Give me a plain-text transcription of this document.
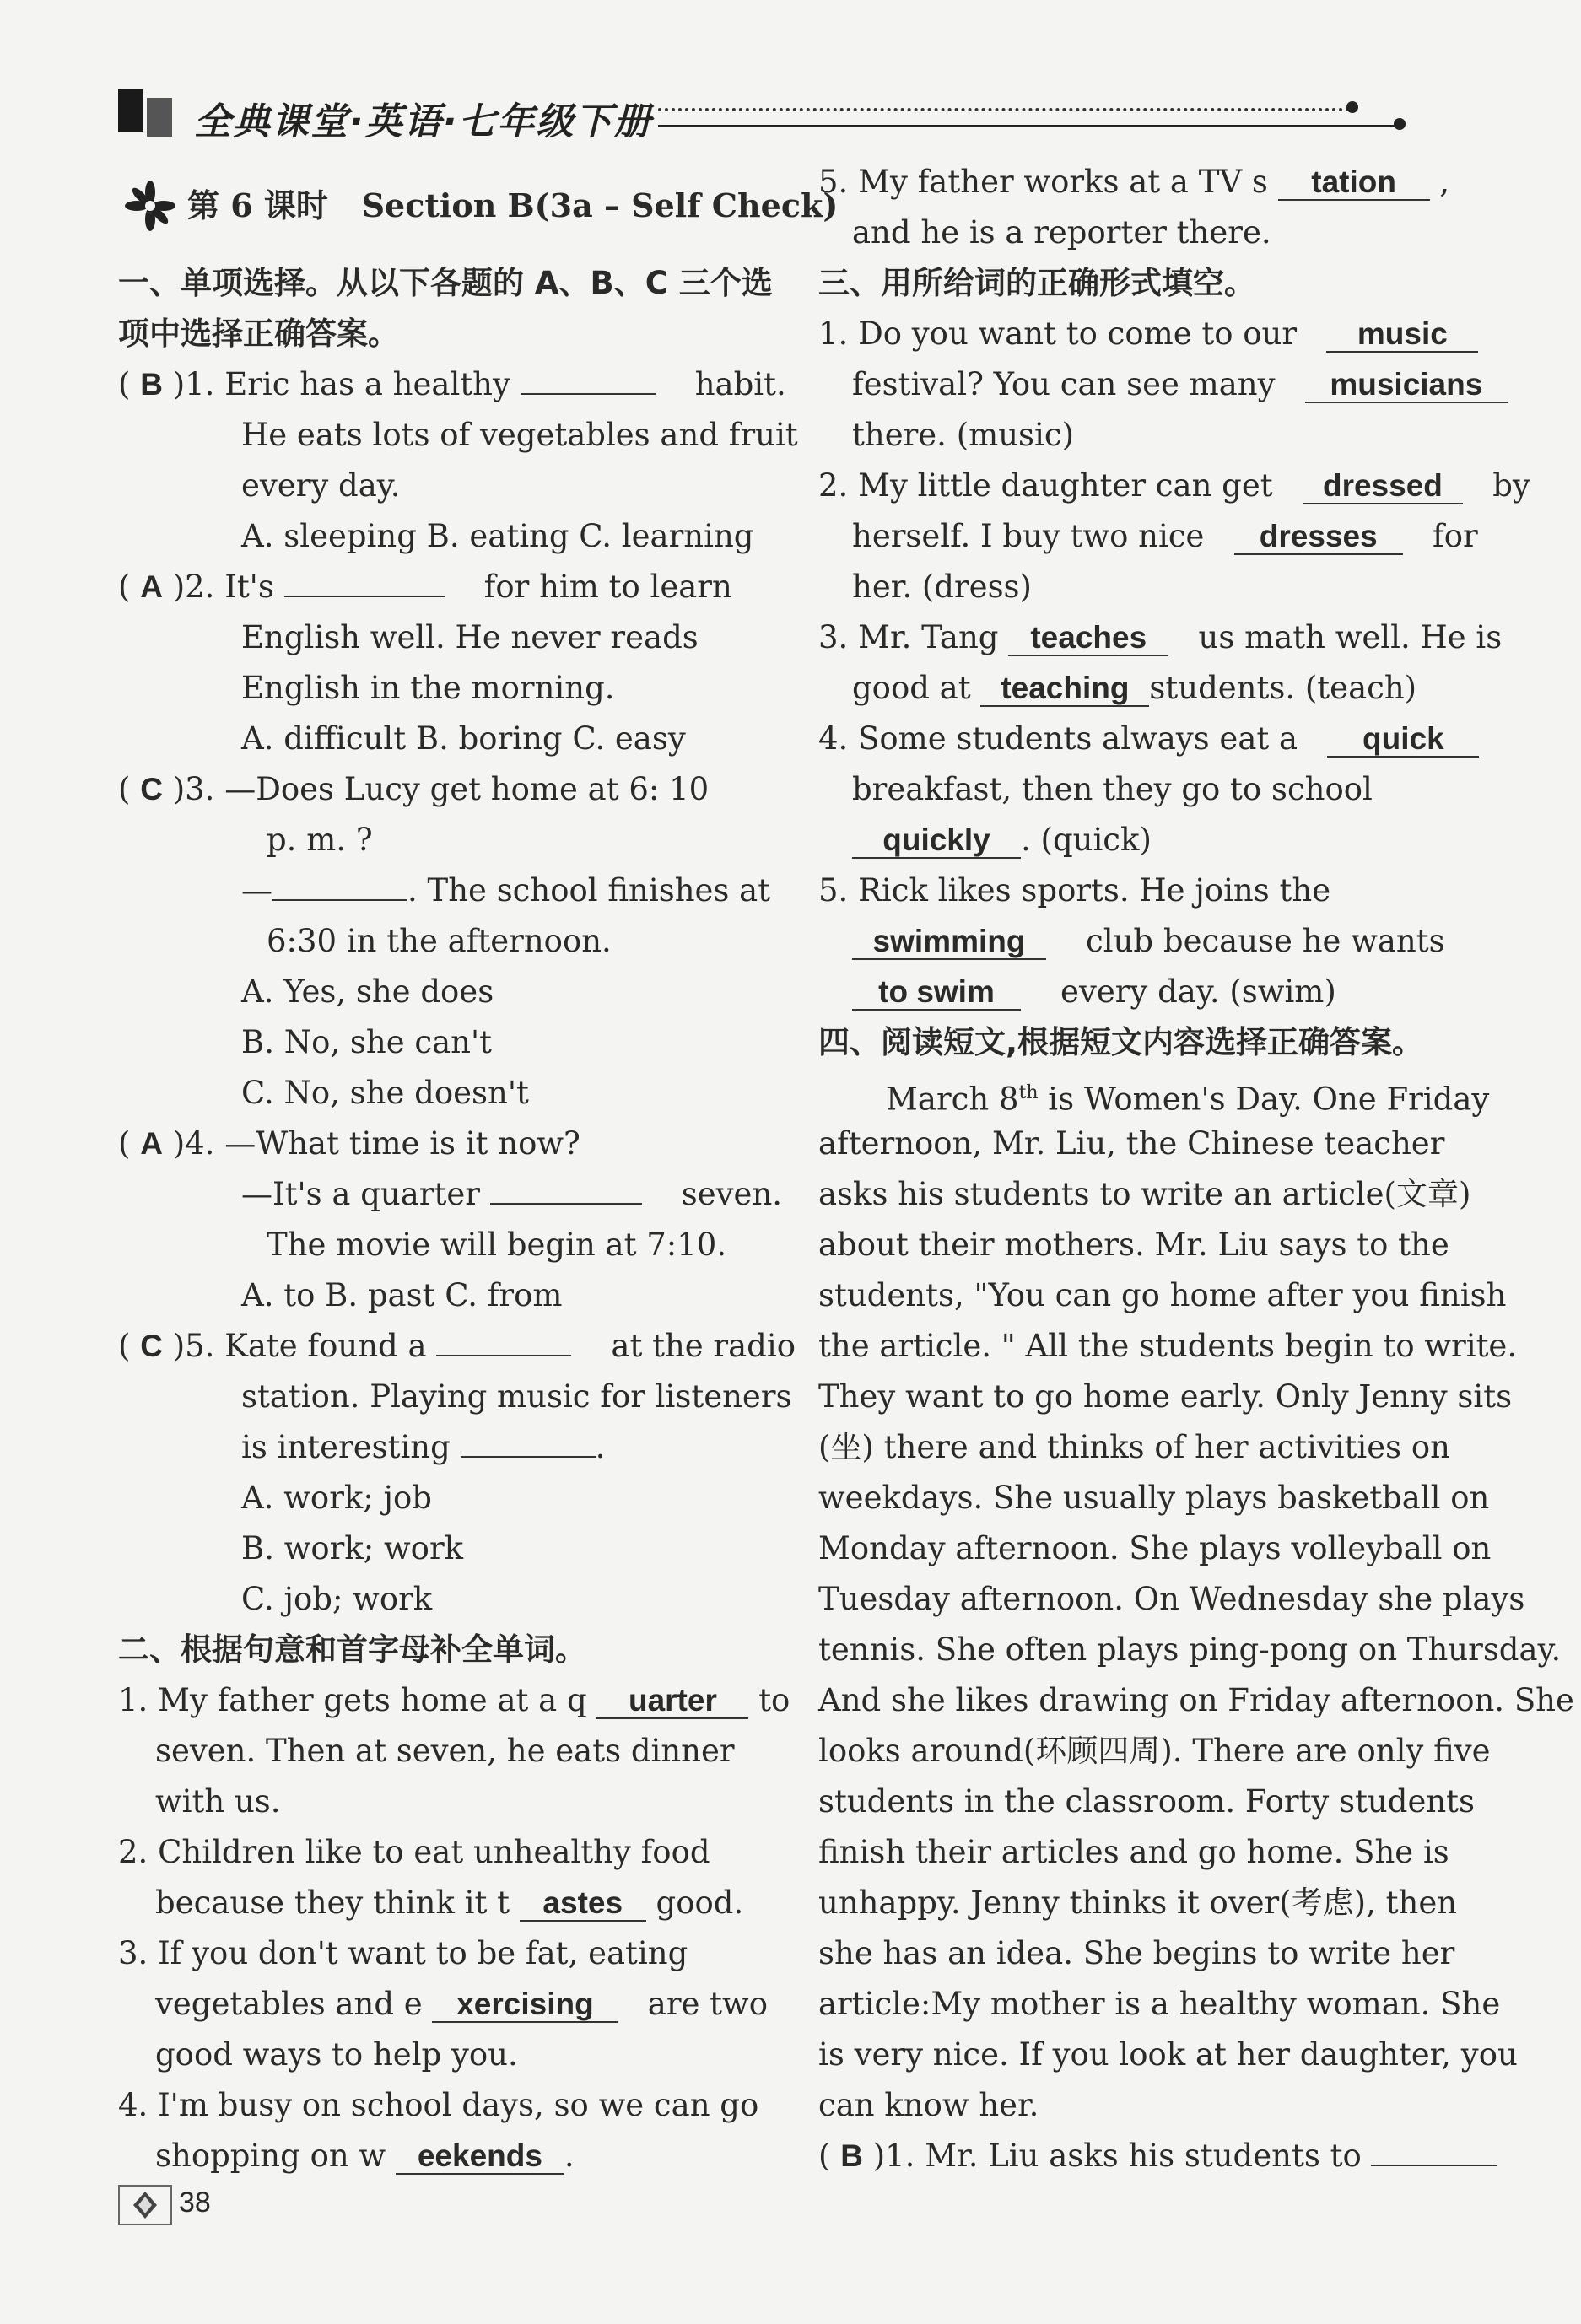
全典课堂·英语·七年级下册
第 6 课时 Section B(3a – Self Check)
一、单项选择。从以下各题的 A、B、C 三个选
项中选择正确答案。
( B )1. Eric has a healthy	habit.
He eats lots of vegetables and fruit
every day.
A. sleeping B. eating C. learning
( A )2. It's	for him to learn
English well. He never reads
English in the morning.
A. difficult B. boring C. easy
( C )3. —Does Lucy get home at 6: 10
p. m. ?
—	. The school finishes at
6:30 in the afternoon.
A. Yes, she does
B. No, she can't
C. No, she doesn't
( A )4. —What time is it now?
—It's a quarter	seven.
The movie will begin at 7:10.
A. to B. past C. from
( C )5. Kate found a	at the radio
station. Playing music for listeners
is interesting	.
A. work; job
B. work; work
C. job; work
二、根据句意和首字母补全单词。
1. My father gets home at a q uarter to
seven. Then at seven, he eats dinner
with us.
2. Children like to eat unhealthy food
because they think it t astes good.
3. If you don't want to be fat, eating
vegetables and e xercising are two
good ways to help you.
4. I'm busy on school days, so we can go
shopping on w eekends .
5. My father works at a TV s tation ,
and he is a reporter there.
三、用所给词的正确形式填空。
1. Do you want to come to our music
festival? You can see many musicians
there. (music)
2. My little daughter can get dressed by
herself. I buy two nice dresses for
her. (dress)
3. Mr. Tang teaches us math well. He is
good at teaching students. (teach)
4. Some students always eat a quick
breakfast, then they go to school
quickly . (quick)
5. Rick likes sports. He joins the
swimming club because he wants
to swim every day. (swim)
四、阅读短文,根据短文内容选择正确答案。
March 8th is Women's Day. One Friday
afternoon, Mr. Liu, the Chinese teacher
asks his students to write an article(文章)
about their mothers. Mr. Liu says to the
students, "You can go home after you finish
the article. " All the students begin to write.
They want to go home early. Only Jenny sits
(坐) there and thinks of her activities on
weekdays. She usually plays basketball on
Monday afternoon. She plays volleyball on
Tuesday afternoon. On Wednesday she plays
tennis. She often plays ping-pong on Thursday.
And she likes drawing on Friday afternoon. She
looks around(环顾四周). There are only five
students in the classroom. Forty students
finish their articles and go home. She is
unhappy. Jenny thinks it over(考虑), then
she has an idea. She begins to write her
article:My mother is a healthy woman. She
is very nice. If you look at her daughter, you
can know her.
( B )1. Mr. Liu asks his students to
38
